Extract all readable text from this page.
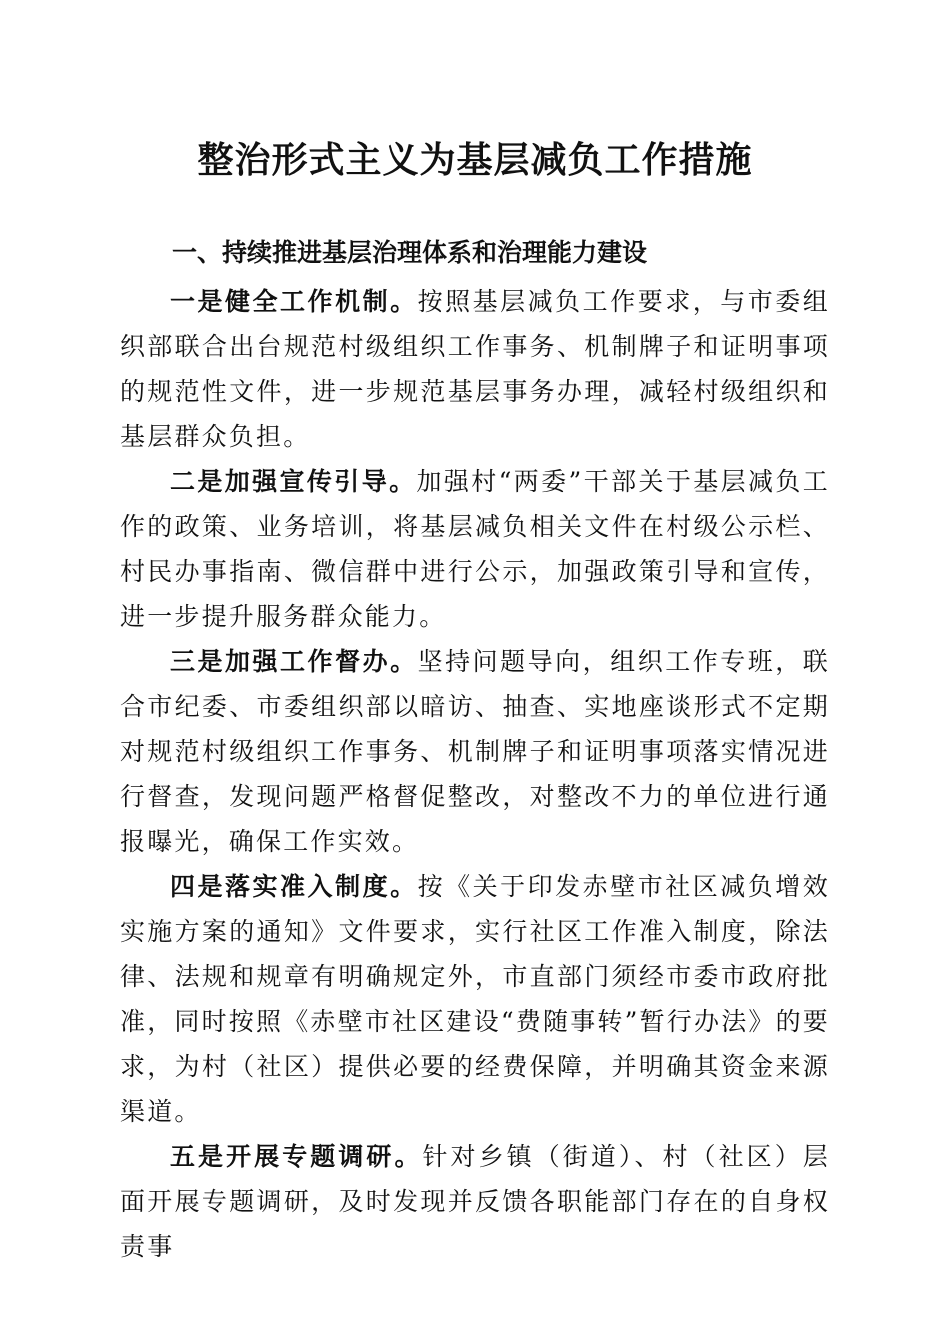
整治形式主义为基层减负工作措施
一、持续推进基层治理体系和治理能力建设

一是健全工作机制。按照基层减负工作要求，与市委组织部联合出台规范村级组织工作事务、机制牌子和证明事项的规范性文件，进一步规范基层事务办理，减轻村级组织和基层群众负担。

二是加强宣传引导。加强村“两委”干部关于基层减负工作的政策、业务培训，将基层减负相关文件在村级公示栏、村民办事指南、微信群中进行公示，加强政策引导和宣传，进一步提升服务群众能力。

三是加强工作督办。坚持问题导向，组织工作专班，联合市纪委、市委组织部以暗访、抽查、实地座谈形式不定期对规范村级组织工作事务、机制牌子和证明事项落实情况进行督查，发现问题严格督促整改，对整改不力的单位进行通报曝光，确保工作实效。

四是落实准入制度。按《关于印发赤壁市社区减负增效实施方案的通知》文件要求，实行社区工作准入制度，除法律、法规和规章有明确规定外，市直部门须经市委市政府批准，同时按照《赤壁市社区建设“费随事转”暂行办法》的要求，为村（社区）提供必要的经费保障，并明确其资金来源渠道。

五是开展专题调研。针对乡镇（街道）、村（社区）层面开展专题调研，及时发现并反馈各职能部门存在的自身权责事
